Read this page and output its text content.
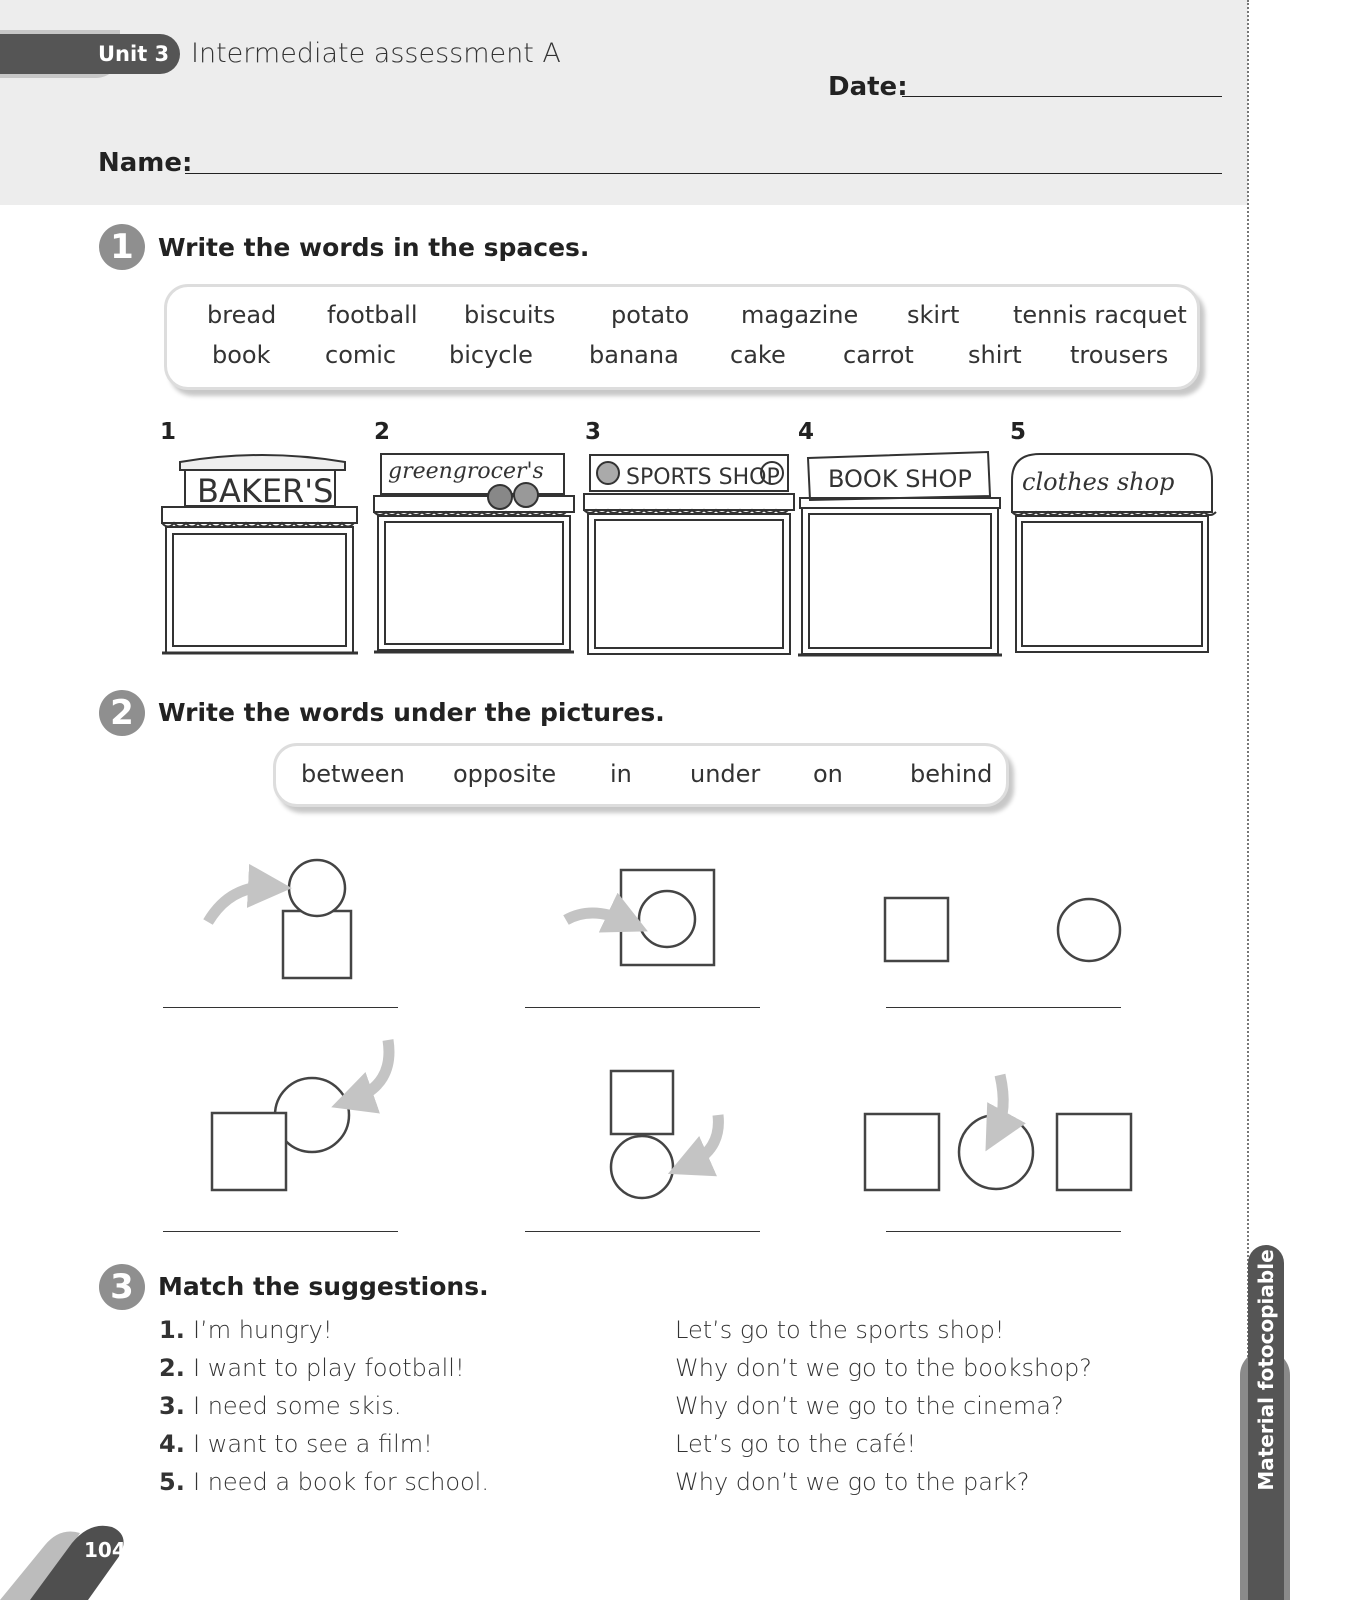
Unit 3 Intermediate assessment A
Date:
Name:
Material fotocopiable
1 Write the words in the spaces.
bread football biscuits potato magazine skirt tennis racquet
book comic bicycle banana cake carrot shirt trousers
1	2	3	4	5
BAKER'S
greengrocer's	SPORTS SHOP BOOK SHOP clothes shop
2 Write the words under the pictures.
between opposite in under on	behind
3 Match the suggestions.
1. I’m hungry!
2. I want to play football!
3. I need some skis.
4. I want to see a film!
5. I need a book for school.
Let’s go to the sports shop!
Why don’t we go to the bookshop?
Why don’t we go to the cinema?
Let’s go to the café!
Why don’t we go to the park?
104
